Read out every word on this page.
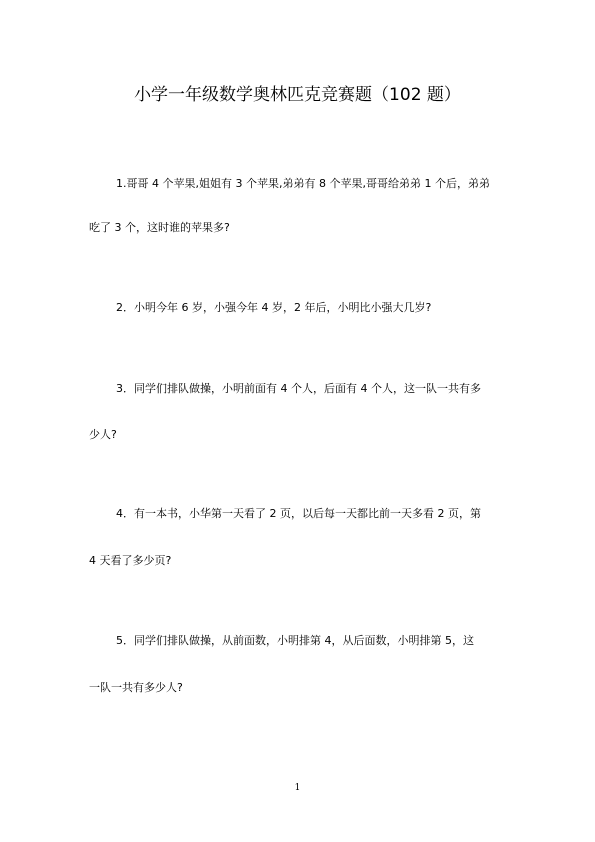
小学一年级数学奥林匹克竞赛题（102 题）
1.哥哥 4 个苹果,姐姐有 3 个苹果,弟弟有 8 个苹果,哥哥给弟弟 1 个后，弟弟
吃了 3 个，这时谁的苹果多?
2．小明今年 6 岁，小强今年 4 岁，2 年后，小明比小强大几岁?
3．同学们排队做操，小明前面有 4 个人，后面有 4 个人，这一队一共有多
少人?
4．有一本书，小华第一天看了 2 页，以后每一天都比前一天多看 2 页，第
4 天看了多少页?
5．同学们排队做操，从前面数，小明排第 4，从后面数，小明排第 5，这
一队一共有多少人?
1
